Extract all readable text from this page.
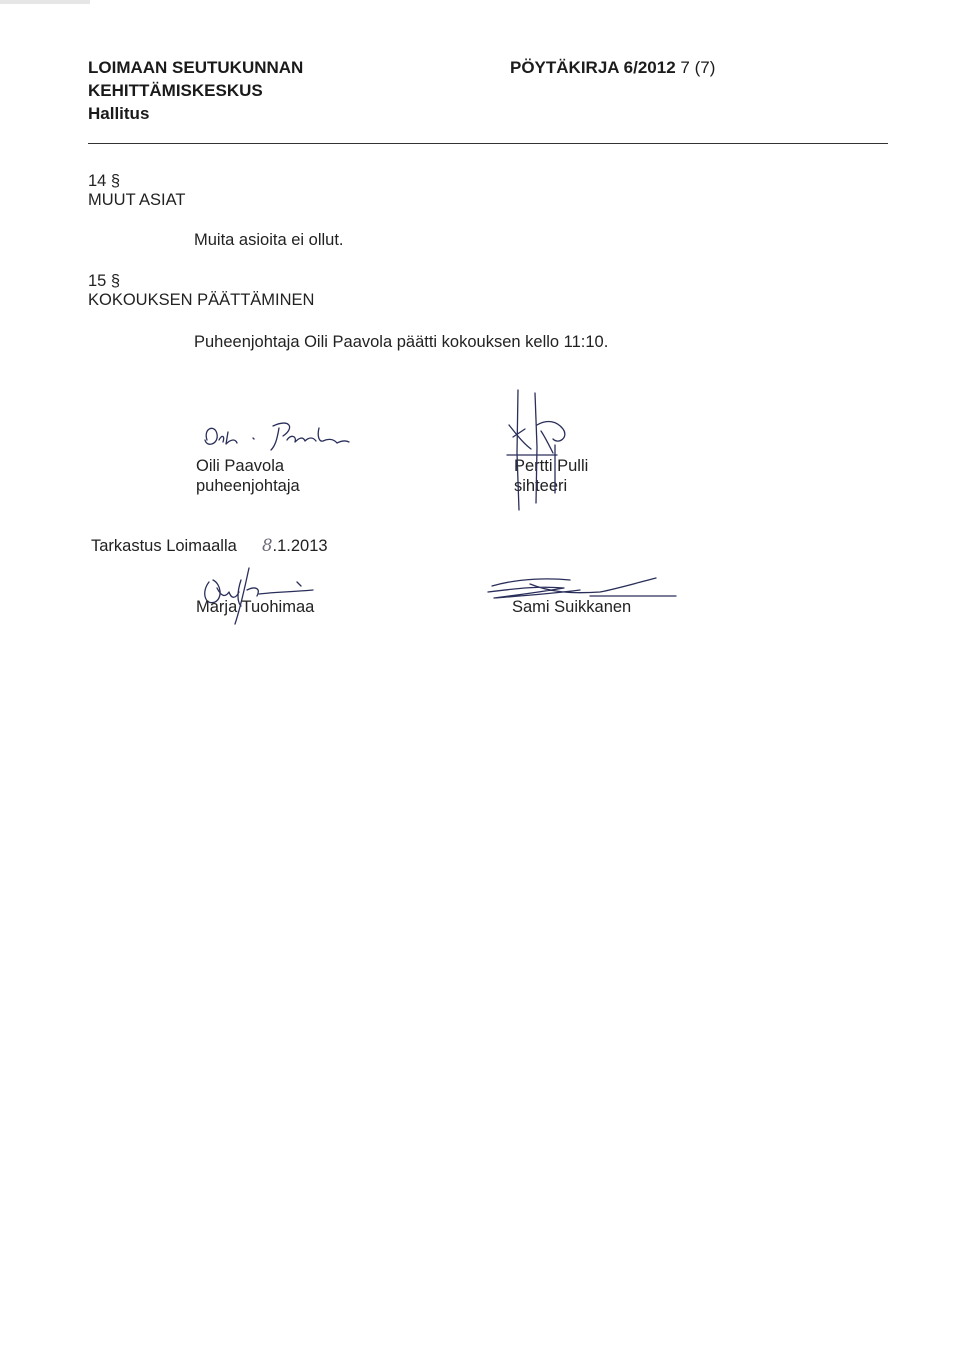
LOIMAAN SEUTUKUNNAN
KEHITTÄMISKESKUS
Hallitus
PÖYTÄKIRJA 6/2012 7 (7)
14 §
MUUT ASIAT
Muita asioita ei ollut.
15 §
KOKOUKSEN PÄÄTTÄMINEN
Puheenjohtaja Oili Paavola päätti kokouksen kello 11:10.
Oili Paavola
puheenjohtaja
Pertti Pulli
sihteeri
Tarkastus Loimaalla 8.1.2013
Marja Tuohimaa	Sami Suikkanen
